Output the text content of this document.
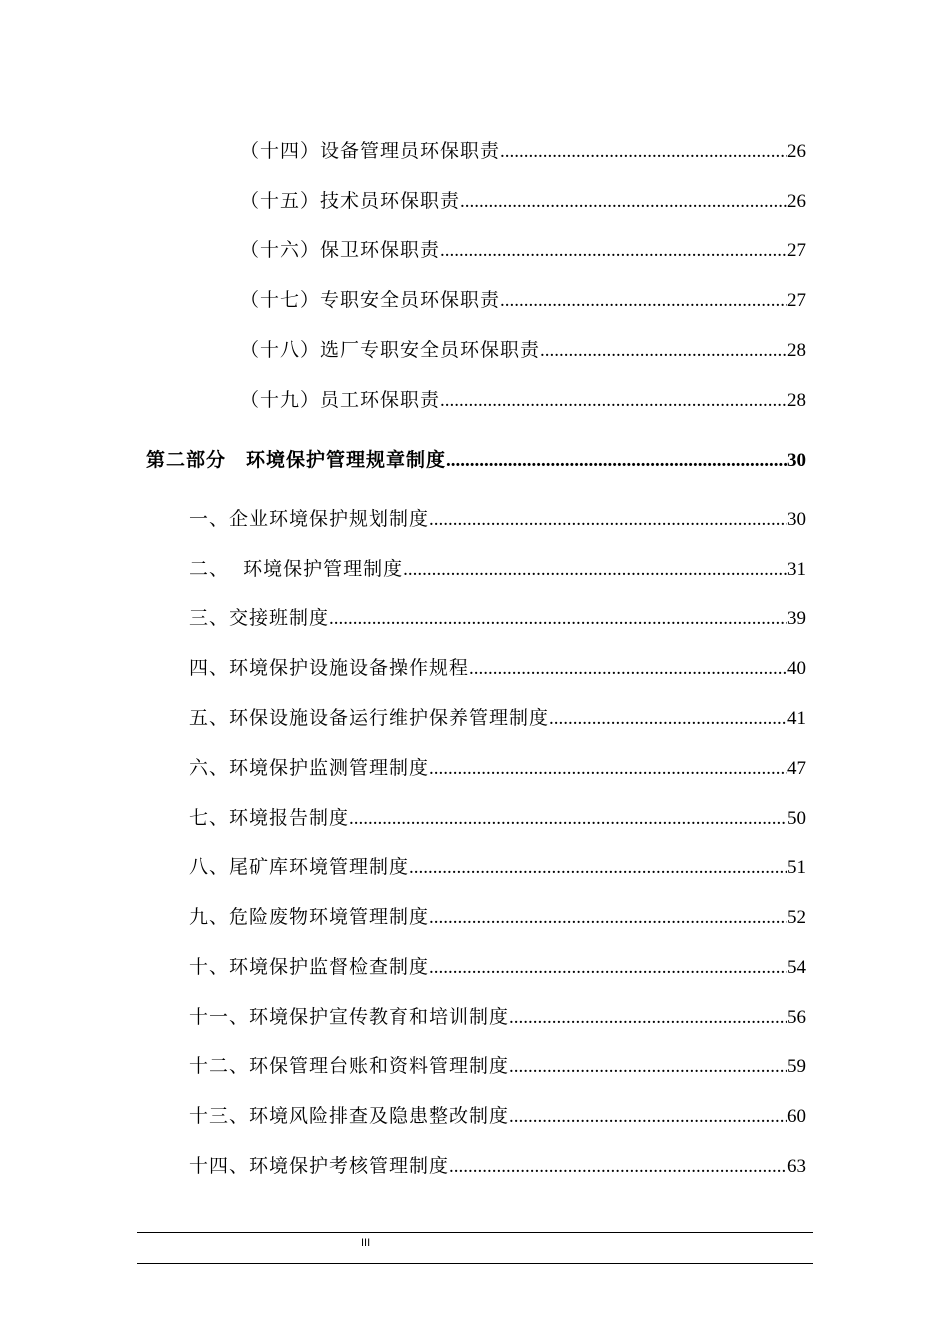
（十四）设备管理员环保职责 .....	26
（十五）技术员环保职责 .....	26
（十六）保卫环保职责 .....	27
（十七）专职安全员环保职责 .....	27
（十八）选厂专职安全员环保职责 .....	28
（十九）员工环保职责 .....	28
第二部分　环境保护管理规章制度 .....	30
一、企业环境保护规划制度 .....	30
二、  环境保护管理制度 .....	31
三、交接班制度 .....	39
四、环境保护设施设备操作规程 .....	40
五、环保设施设备运行维护保养管理制度 .....	41
六、环境保护监测管理制度 .....	47
七、环境报告制度 .....	50
八、尾矿库环境管理制度 .....	51
九、危险废物环境管理制度 .....	52
十、环境保护监督检查制度 .....	54
十一、环境保护宣传教育和培训制度 .....	56
十二、环保管理台账和资料管理制度 .....	59
十三、环境风险排查及隐患整改制度 .....	60
十四、环境保护考核管理制度 .....	63
III
